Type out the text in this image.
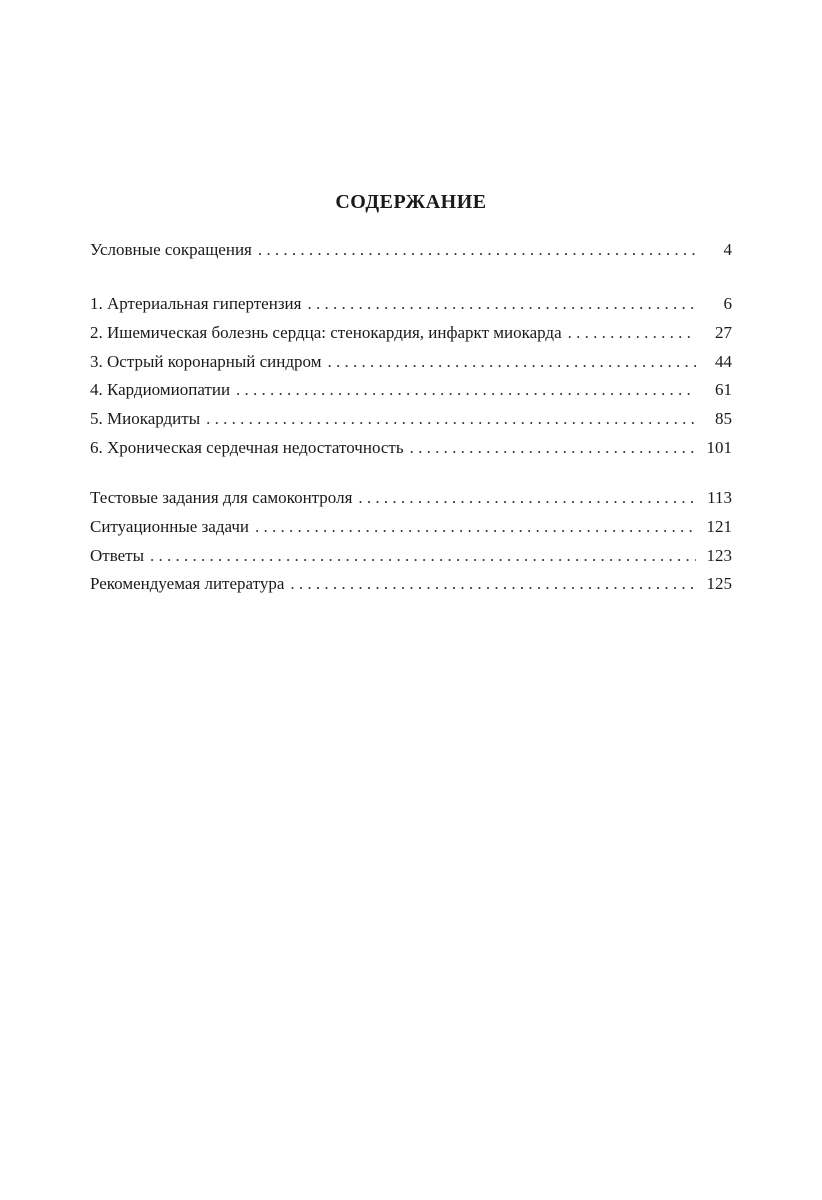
СОДЕРЖАНИЕ
Условные сокращения . . .	4
1. Артериальная гипертензия . . .	6
2. Ишемическая болезнь сердца: стенокардия, инфаркт миокарда . . .	27
3. Острый коронарный синдром . . .	44
4. Кардиомиопатии . . .	61
5. Миокардиты . . .	85
6. Хроническая сердечная недостаточность . . .	101
Тестовые задания для самоконтроля . . .	113
Ситуационные задачи . . .	121
Ответы . . .	123
Рекомендуемая литература . . .	125
